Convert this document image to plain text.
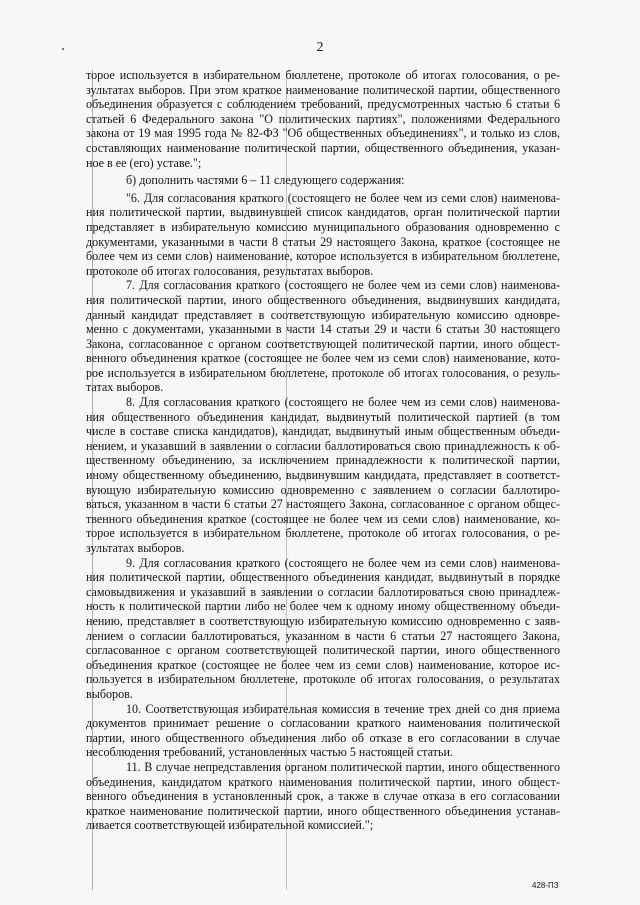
2
торое используется в избирательном бюллетене, протоколе об итогах голосования, о ре-
зультатах выборов. При этом краткое наименование политической партии, общественного
объединения образуется с соблюдением требований, предусмотренных частью 6 статьи 6
статьей 6 Федерального закона "О политических партиях", положениями Федерального
закона от 19 мая 1995 года № 82-ФЗ "Об общественных объединениях", и только из слов,
составляющих наименование политической партии, общественного объединения, указан-
ное в ее (его) уставе.";
б) дополнить частями 6 – 11 следующего содержания:
"6. Для согласования краткого (состоящего не более чем из семи слов) наименова-
ния политической партии, выдвинувшей список кандидатов, орган политической партии
представляет в избирательную комиссию муниципального образования одновременно с
документами, указанными в части 8 статьи 29 настоящего Закона, краткое (состоящее не
более чем из семи слов) наименование, которое используется в избирательном бюллетене,
протоколе об итогах голосования, результатах выборов.
7. Для согласования краткого (состоящего не более чем из семи слов) наименова-
ния политической партии, иного общественного объединения, выдвинувших кандидата,
данный кандидат представляет в соответствующую избирательную комиссию одновре-
менно с документами, указанными в части 14 статьи 29 и части 6 статьи 30 настоящего
Закона, согласованное с органом соответствующей политической партии, иного общест-
венного объединения краткое (состоящее не более чем из семи слов) наименование, кото-
рое используется в избирательном бюллетене, протоколе об итогах голосования, о резуль-
татах выборов.
8. Для согласования краткого (состоящего не более чем из семи слов) наименова-
ния общественного объединения кандидат, выдвинутый политической партией (в том
числе в составе списка кандидатов), кандидат, выдвинутый иным общественным объеди-
нением, и указавший в заявлении о согласии баллотироваться свою принадлежность к об-
щественному объединению, за исключением принадлежности к политической партии,
иному общественному объединению, выдвинувшим кандидата, представляет в соответст-
вующую избирательную комиссию одновременно с заявлением о согласии баллотиро-
ваться, указанном в части 6 статьи 27 настоящего Закона, согласованное с органом общес-
твенного объединения краткое (состоящее не более чем из семи слов) наименование, ко-
торое используется в избирательном бюллетене, протоколе об итогах голосования, о ре-
зультатах выборов.
9. Для согласования краткого (состоящего не более чем из семи слов) наименова-
ния политической партии, общественного объединения кандидат, выдвинутый в порядке
самовыдвижения и указавший в заявлении о согласии баллотироваться свою принадлеж-
ность к политической партии либо не более чем к одному иному общественному объеди-
нению, представляет в соответствующую избирательную комиссию одновременно с заяв-
лением о согласии баллотироваться, указанном в части 6 статьи 27 настоящего Закона,
согласованное с органом соответствующей политической партии, иного общественного
объединения краткое (состоящее не более чем из семи слов) наименование, которое ис-
пользуется в избирательном бюллетене, протоколе об итогах голосования, о результатах
выборов.
10. Соответствующая избирательная комиссия в течение трех дней со дня приема
документов принимает решение о согласовании краткого наименования политической
партии, иного общественного объединения либо об отказе в его согласовании в случае
несоблюдения требований, установленных частью 5 настоящей статьи.
11. В случае непредставления органом политической партии, иного общественного
объединения, кандидатом краткого наименования политической партии, иного общест-
венного объединения в установленный срок, а также в случае отказа в его согласовании
краткое наименование политической партии, иного общественного объединения устанав-
ливается соответствующей избирательной комиссией.";
428-ПЗ
